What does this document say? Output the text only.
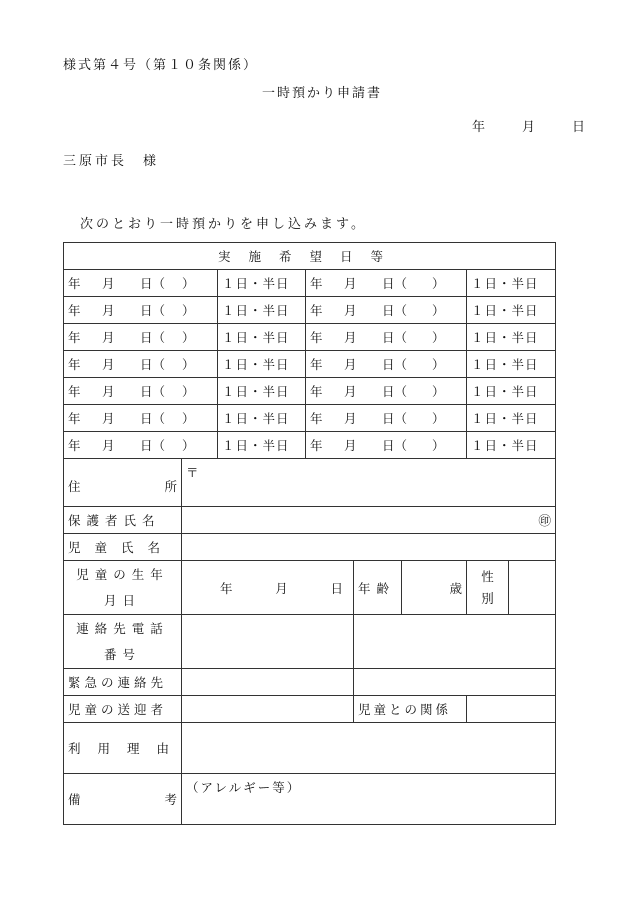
様式第４号（第１０条関係）
一時預かり申請書
年	月	日
三原市長　様
次のとおり一時預かりを申し込みます。
実施希望日等							

年 月 日（ ）		１日・半日	年 月 日（ ）			１日・半日	

年 月 日（ ）		１日・半日	年 月 日（ ）			１日・半日	

年 月 日（ ）		１日・半日	年 月 日（ ）			１日・半日	

年 月 日（ ）		１日・半日	年 月 日（ ）			１日・半日	

年 月 日（ ）		１日・半日	年 月 日（ ）			１日・半日	

年 月 日（ ）		１日・半日	年 月 日（ ）			１日・半日	

年 月 日（ ）		１日・半日	年 月 日（ ）			１日・半日	

住 所	〒						
保護者氏名	㊞						
児童氏名							
児童の生年月日	年 月 日			年齢	歳	性別	
連絡先電話番号							
緊急の連絡先							
児童の送迎者				児童との関係			
利用理由							

備 考	（アレルギー等）						
